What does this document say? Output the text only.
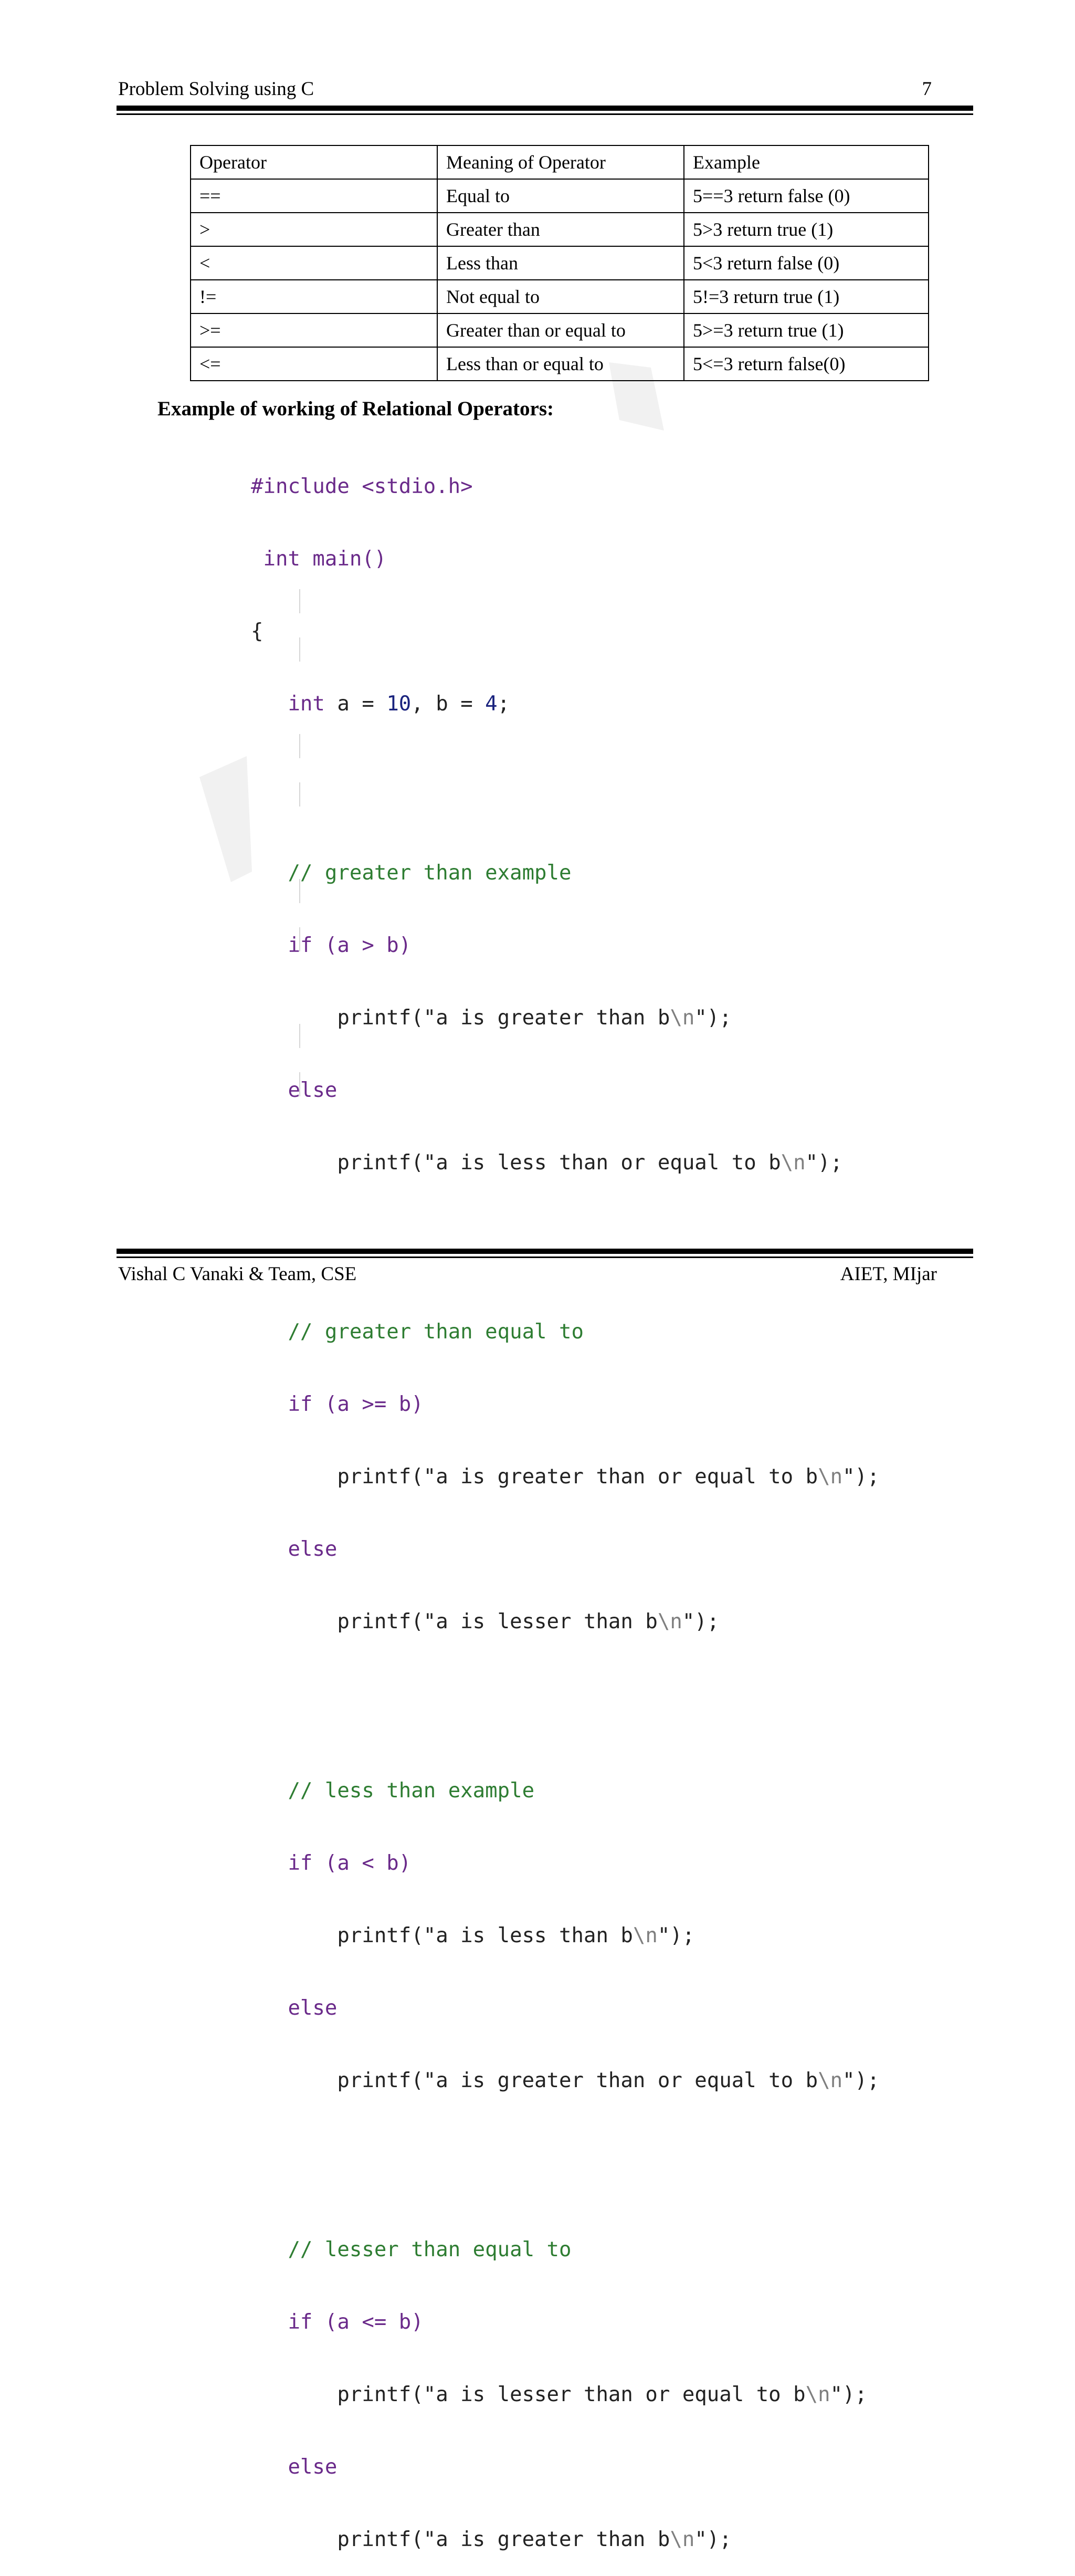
Problem Solving using C	7
Operator	Meaning of Operator	Example
==	Equal to	5==3 return false (0)
>	Greater than	5>3 return true (1)
<	Less than	5<3 return false (0)
!=	Not equal to	5!=3 return true (1)
>=	Greater than or equal to	5>=3 return true (1)
<=	Less than or equal to	5<=3 return false(0)
Example of working of Relational Operators:

#include <stdio.h>

int main()

{

int a = 10, b = 4;

// greater than example

if (a > b)

printf("a is greater than b\n");

else

printf("a is less than or equal to b\n");

// greater than equal to

if (a >= b)

printf("a is greater than or equal to b\n");

else

printf("a is lesser than b\n");

// less than example

if (a < b)

printf("a is less than b\n");

else

printf("a is greater than or equal to b\n");

// lesser than equal to

if (a <= b)

printf("a is lesser than or equal to b\n");

else

printf("a is greater than b\n");

Vishal C Vanaki & Team, CSE	AIET, MIjar
